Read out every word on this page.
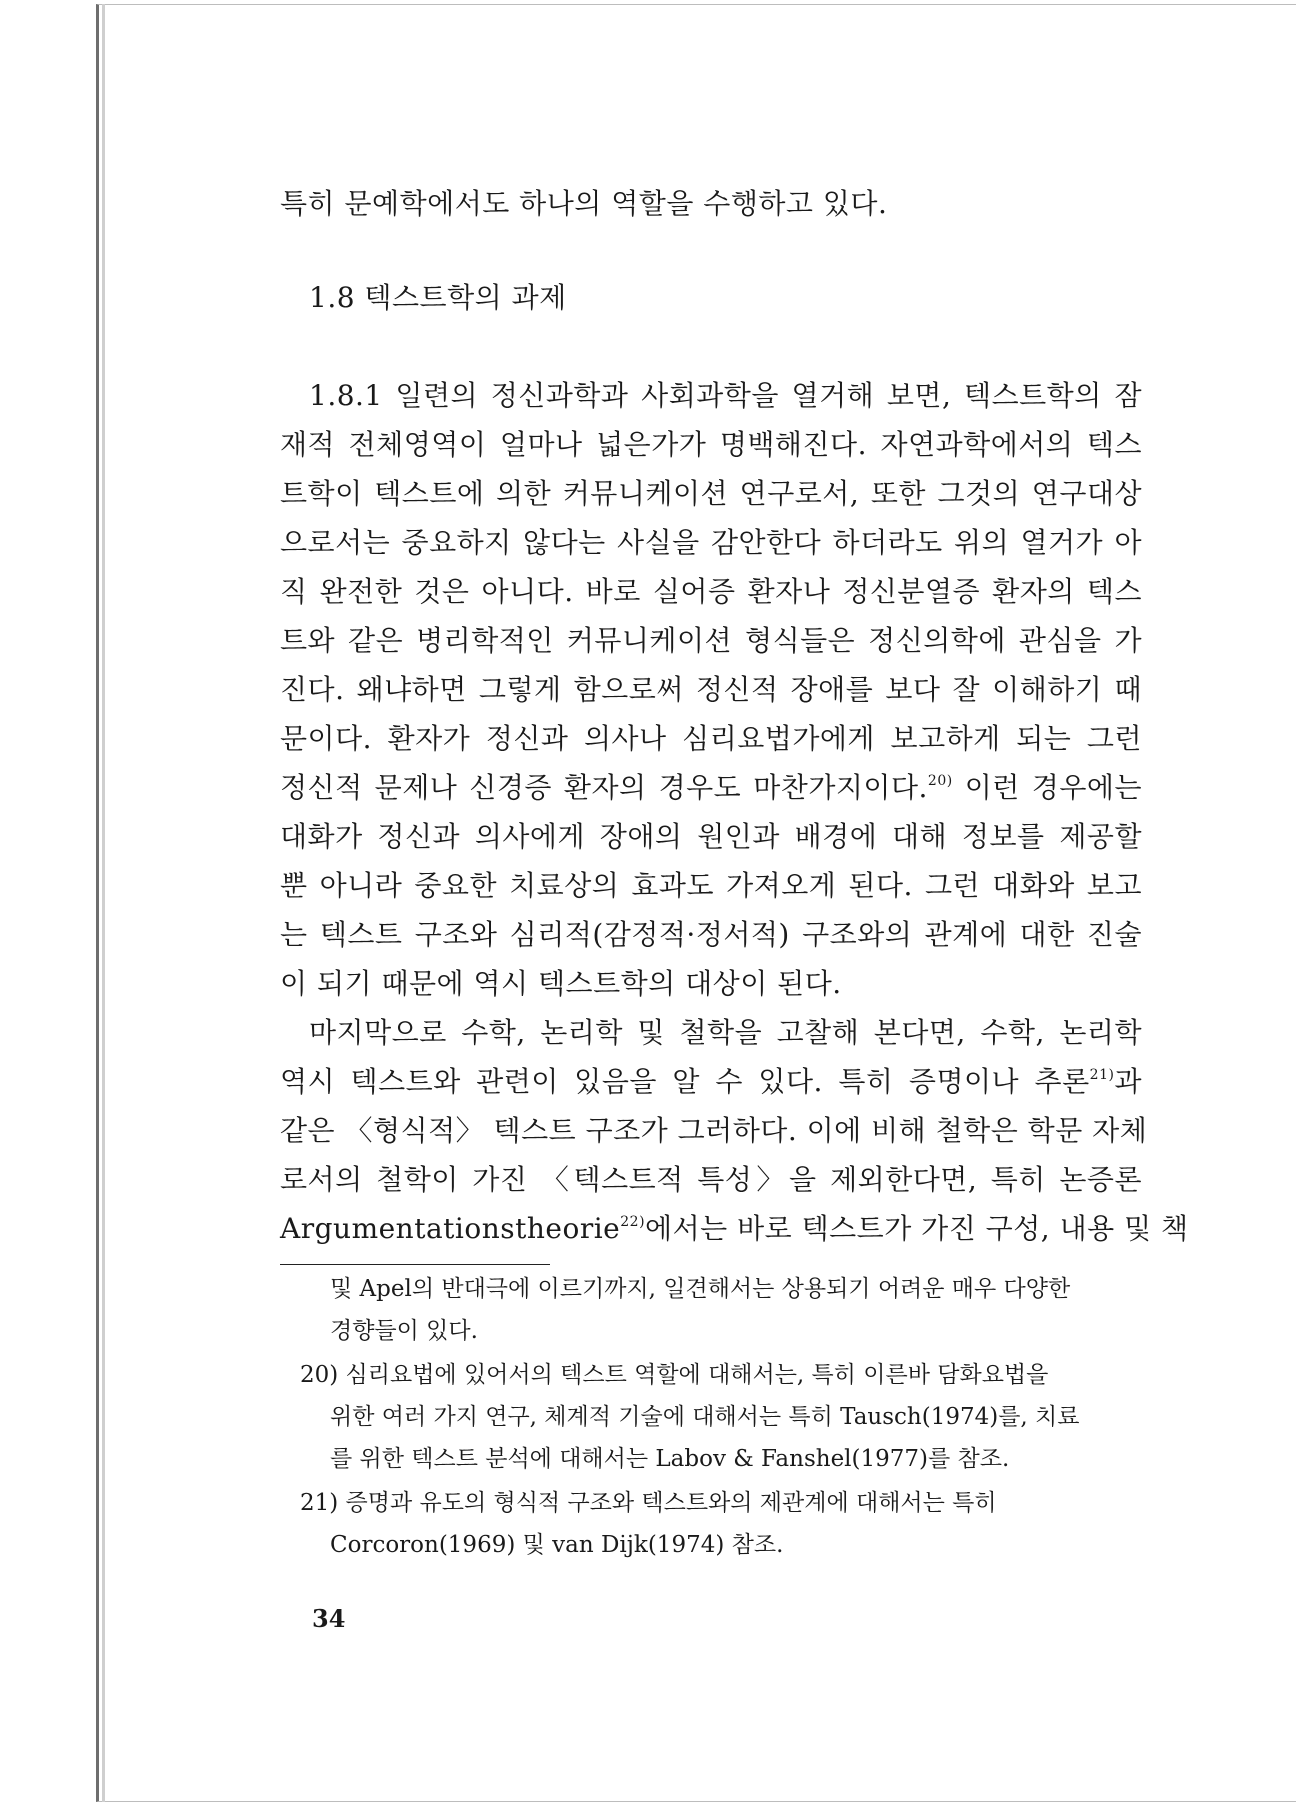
특히 문예학에서도 하나의 역할을 수행하고 있다.
1.8 텍스트학의 과제
1.8.1 일련의 정신과학과 사회과학을 열거해 보면, 텍스트학의 잠
재적 전체영역이 얼마나 넓은가가 명백해진다. 자연과학에서의 텍스
트학이 텍스트에 의한 커뮤니케이션 연구로서, 또한 그것의 연구대상
으로서는 중요하지 않다는 사실을 감안한다 하더라도 위의 열거가 아
직 완전한 것은 아니다. 바로 실어증 환자나 정신분열증 환자의 텍스
트와 같은 병리학적인 커뮤니케이션 형식들은 정신의학에 관심을 가
진다. 왜냐하면 그렇게 함으로써 정신적 장애를 보다 잘 이해하기 때
문이다. 환자가 정신과 의사나 심리요법가에게 보고하게 되는 그런
정신적 문제나 신경증 환자의 경우도 마찬가지이다.$^{20)}$ 이런 경우에는
대화가 정신과 의사에게 장애의 원인과 배경에 대해 정보를 제공할
뿐 아니라 중요한 치료상의 효과도 가져오게 된다. 그런 대화와 보고
는 텍스트 구조와 심리적(감정적·정서적) 구조와의 관계에 대한 진술
이 되기 때문에 역시 텍스트학의 대상이 된다.
마지막으로 수학, 논리학 및 철학을 고찰해 본다면, 수학, 논리학
역시 텍스트와 관련이 있음을 알 수 있다. 특히 증명이나 추론$^{21)}$과
같은 〈형식적〉 텍스트 구조가 그러하다. 이에 비해 철학은 학문 자체
로서의 철학이 가진 〈텍스트적 특성〉을 제외한다면, 특히 논증론
Argumentationstheorie$^{22)}$에서는 바로 텍스트가 가진 구성, 내용 및 책
및 Apel의 반대극에 이르기까지, 일견해서는 상용되기 어려운 매우 다양한
경향들이 있다.
20) 심리요법에 있어서의 텍스트 역할에 대해서는, 특히 이른바 담화요법을
위한 여러 가지 연구, 체계적 기술에 대해서는 특히 Tausch(1974)를, 치료
를 위한 텍스트 분석에 대해서는 Labov & Fanshel(1977)를 참조.
21) 증명과 유도의 형식적 구조와 텍스트와의 제관계에 대해서는 특히
Corcoron(1969) 및 van Dijk(1974) 참조.
34
